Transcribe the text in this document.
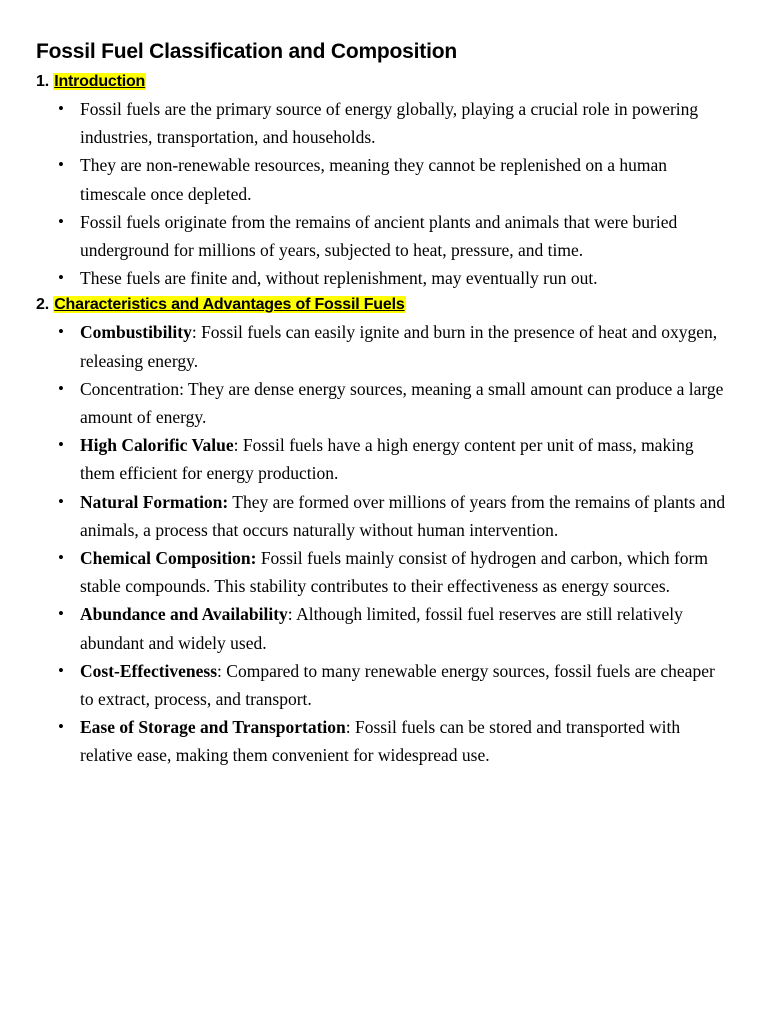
Fossil Fuel Classification and Composition
1. Introduction
• Fossil fuels are the primary source of energy globally, playing a crucial role in powering industries, transportation, and households.
• They are non-renewable resources, meaning they cannot be replenished on a human timescale once depleted.
• Fossil fuels originate from the remains of ancient plants and animals that were buried underground for millions of years, subjected to heat, pressure, and time.
• These fuels are finite and, without replenishment, may eventually run out.
2. Characteristics and Advantages of Fossil Fuels
• Combustibility: Fossil fuels can easily ignite and burn in the presence of heat and oxygen, releasing energy.
• Concentration: They are dense energy sources, meaning a small amount can produce a large amount of energy.
• High Calorific Value: Fossil fuels have a high energy content per unit of mass, making them efficient for energy production.
• Natural Formation: They are formed over millions of years from the remains of plants and animals, a process that occurs naturally without human intervention.
• Chemical Composition: Fossil fuels mainly consist of hydrogen and carbon, which form stable compounds. This stability contributes to their effectiveness as energy sources.
• Abundance and Availability: Although limited, fossil fuel reserves are still relatively abundant and widely used.
• Cost-Effectiveness: Compared to many renewable energy sources, fossil fuels are cheaper to extract, process, and transport.
• Ease of Storage and Transportation: Fossil fuels can be stored and transported with relative ease, making them convenient for widespread use.
